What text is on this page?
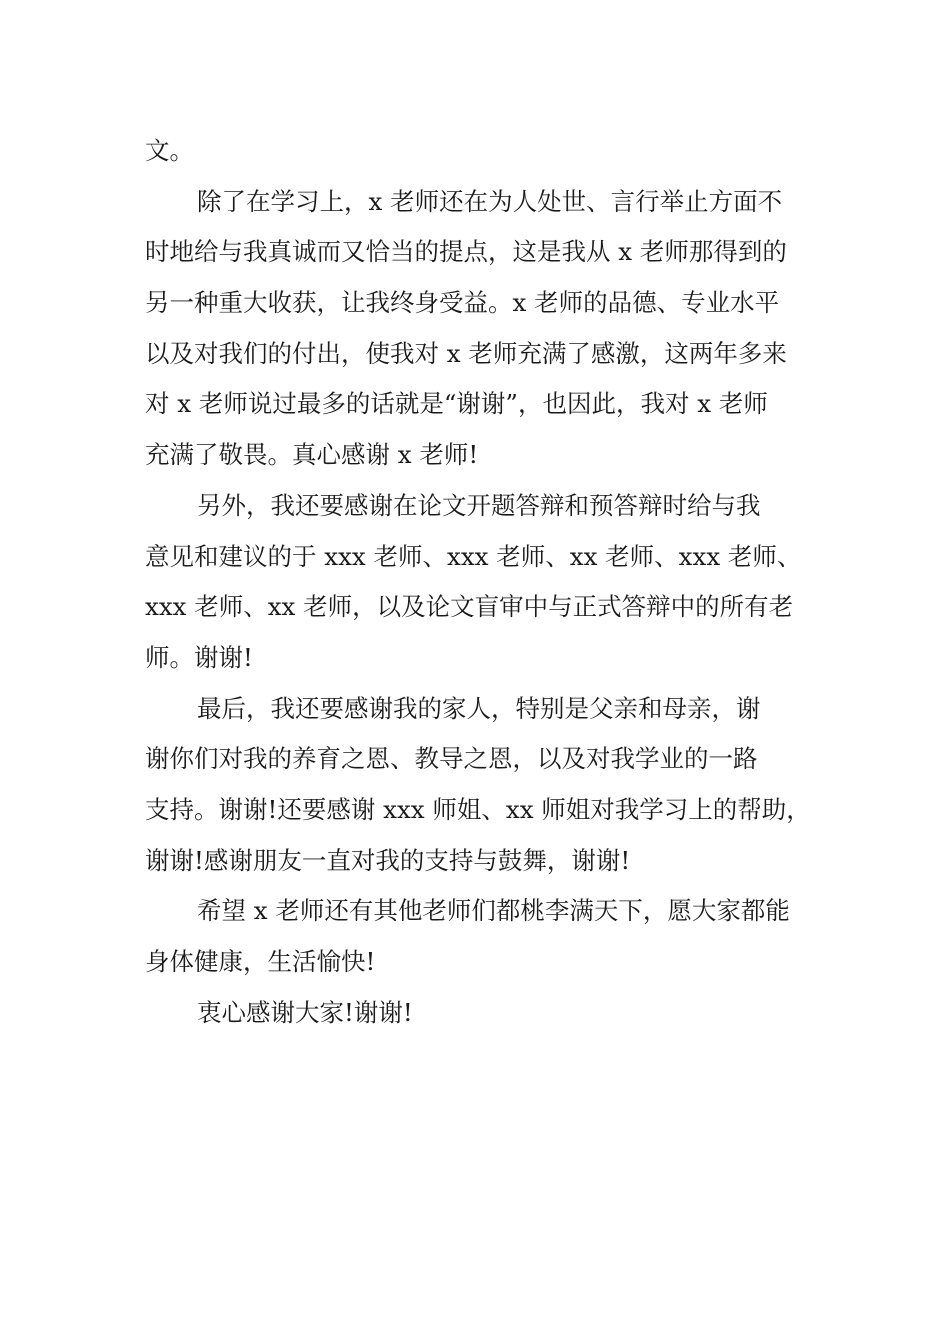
文。
除了在学习上，x 老师还在为人处世、言行举止方面不
时地给与我真诚而又恰当的提点，这是我从 x 老师那得到的
另一种重大收获，让我终身受益。x 老师的品德、专业水平
以及对我们的付出，使我对 x 老师充满了感激，这两年多来
对 x 老师说过最多的话就是“谢谢”，也因此，我对 x 老师
充满了敬畏。真心感谢 x 老师!
另外，我还要感谢在论文开题答辩和预答辩时给与我
意见和建议的于 xxx 老师、xxx 老师、xx 老师、xxx 老师、
xxx 老师、xx 老师，以及论文盲审中与正式答辩中的所有老
师。谢谢!
最后，我还要感谢我的家人，特别是父亲和母亲，谢
谢你们对我的养育之恩、教导之恩，以及对我学业的一路
支持。谢谢!还要感谢 xxx 师姐、xx 师姐对我学习上的帮助，
谢谢!感谢朋友一直对我的支持与鼓舞，谢谢!
希望 x 老师还有其他老师们都桃李满天下，愿大家都能
身体健康，生活愉快!
衷心感谢大家!谢谢!
